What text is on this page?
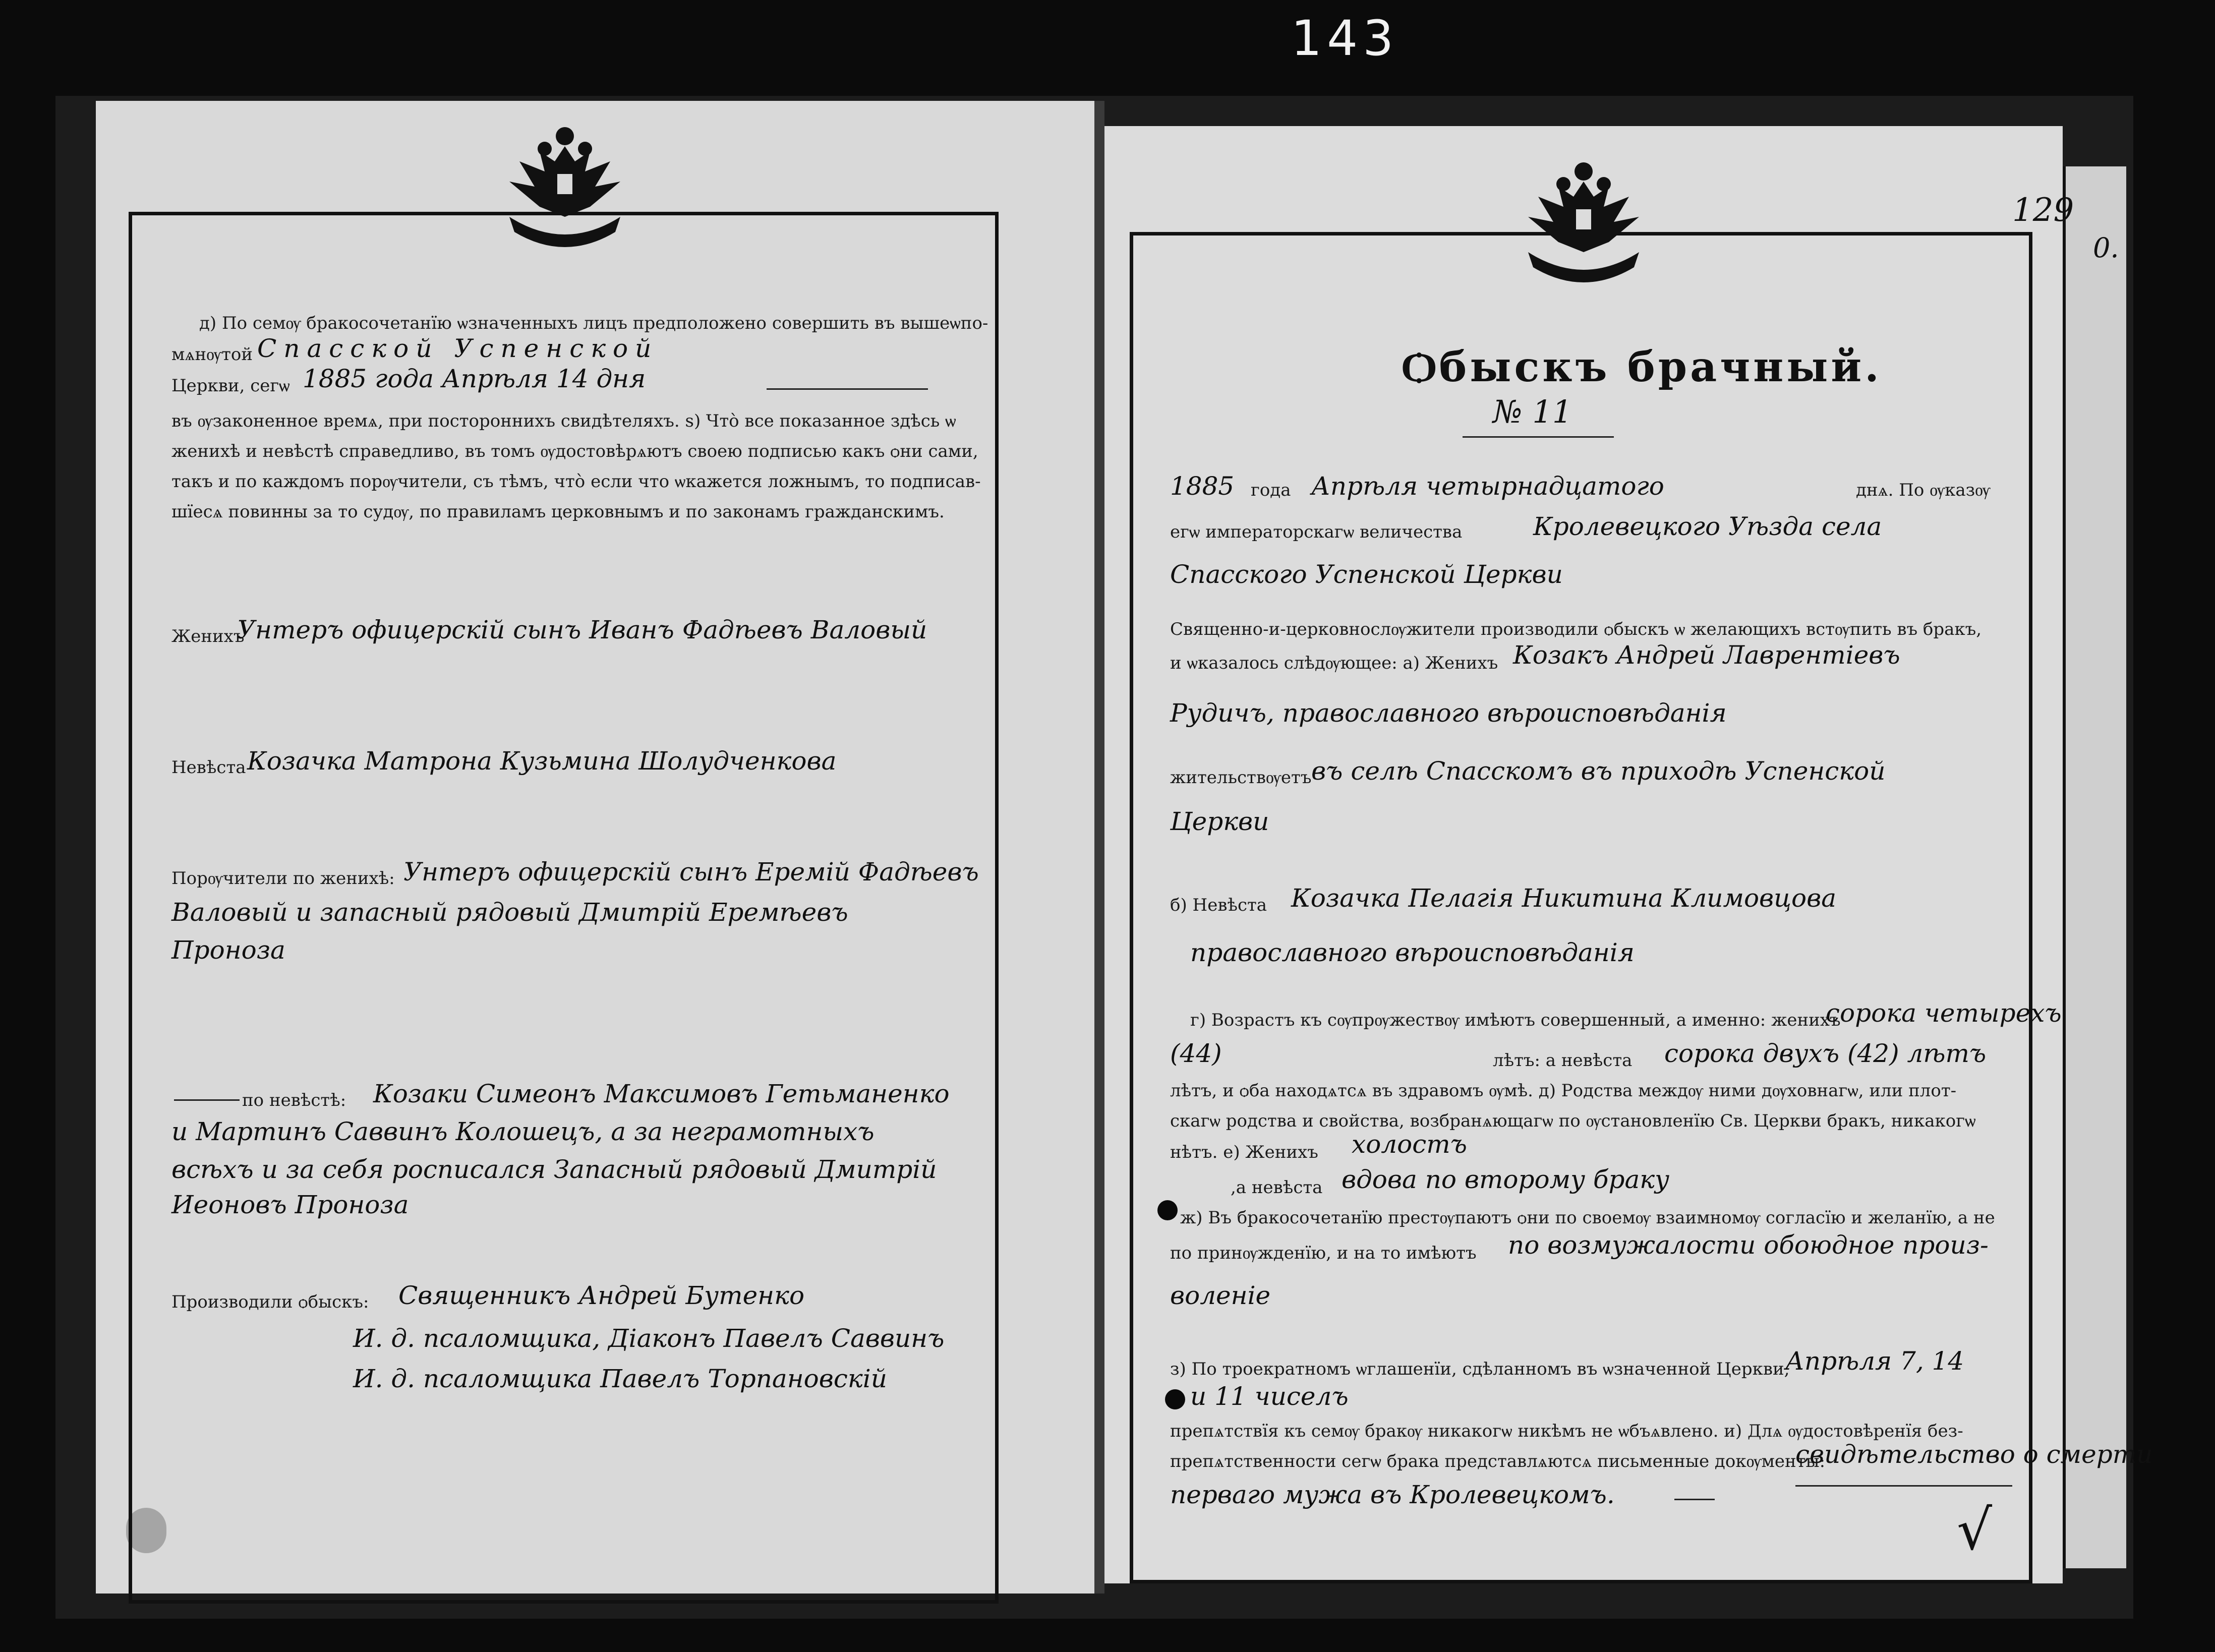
143
д) По семѹ бракосочетанїю ѡзначенныхъ лицъ предположено совершить въ вышеѡпо-
мѧнѹтой Спасской Успенской
Церкви, сегѡ 1885 года Апрѣля 14 дня
въ ѹзаконенное времѧ, при постороннихъ свидѣтеляхъ. ѕ) Что̀ все показанное здѣсь ѡ
женихѣ и невѣстѣ справедливо, въ томъ ѹдостовѣрѧютъ своею подписью какъ ѻни сами,
такъ и по каждомъ порѹчители, съ тѣмъ, что̀ если что ѡкажется ложнымъ, то подписав-
шїесѧ повинны за то судѹ, по правиламъ церковнымъ и по законамъ гражданскимъ.
Женихъ
Унтеръ офицерскій сынъ Иванъ Фадѣевъ Валовый
Невѣста Козачка Матрона Кузьмина Шолудченкова
Порѹчители по женихѣ: Унтеръ офицерскій сынъ Еремій Фадѣевъ
Валовый и запасный рядовый Дмитрій Еремѣевъ
Пронозa
по невѣстѣ: Козаки Симеонъ Максимовъ Гетьманенко
и Мартинъ Саввинъ Колошецъ, а за неграмотныхъ
всѣхъ и за себя росписался Запасный рядовый Дмитрій
Иеоновъ Пронозa
Производили ѻбыскъ: Священникъ Андрей Бутенко
И. д. псаломщика, Дiаконъ Павелъ Саввинъ
И. д. псаломщика Павелъ Торпановскій
129
0.
Ѻбыскъ брачный.
№ 11
1885 года Апрѣля четырнадцатого	днѧ. По ѹказѹ
егѡ императорскагѡ величества	Кролевецкого Уѣзда села
Спасского Успенской Церкви
Священно-и-церковнослѹжители производили ѻбыскъ ѡ желающихъ встѹпить въ бракъ,
и ѡказалось слѣдѹющее: а) Женихъ Козакъ Андрей Лаврентiевъ
Рудичъ, православного вѣроисповѣданiя
жительствѹетъ въ селѣ Спасскомъ въ приходѣ Успенской
Церкви
б) Невѣста Козачка Пелагiя Никитина Климовцова
православного вѣроисповѣданiя
г) Возрастъ къ сѹпрѹжествѹ имѣютъ совершенный, а именно: женихъ
сорока четырехъ
(44)	лѣтъ: а невѣста сорока двухъ (42) лѣтъ
лѣтъ, и ѻба находѧтсѧ въ здравомъ ѹмѣ. д) Родства междѹ ними дѹховнагѡ, или плот-
скагѡ родства и свойства, возбранѧющагѡ по ѹстановленїю Св. Церкви бракъ, никакогѡ
нѣтъ. е) Женихъ холостъ
,а невѣста вдова по второму браку
ж) Въ бракосочетанїю престѹпаютъ ѻни по своемѹ взаимномѹ согласїю и желанїю, а не
по принѹжденїю, и на то имѣютъ по возмужалости обоюдное произ-
воленiе
з) По троекратномъ ѡглашенїи, сдѣланномъ въ ѡзначенной Церкви,
Апрѣля 7, 14
и 11 чиселъ
препѧтствїя къ семѹ бракѹ никакогѡ никѣмъ не ѡбъѧвлено. и) Длѧ ѹдостовѣренїя без-
препѧтственности сегѡ брака представлѧютсѧ письменные докѹменты:
свидѣтельство о смерти
перваго мужа въ Кролевецкомъ.
√
